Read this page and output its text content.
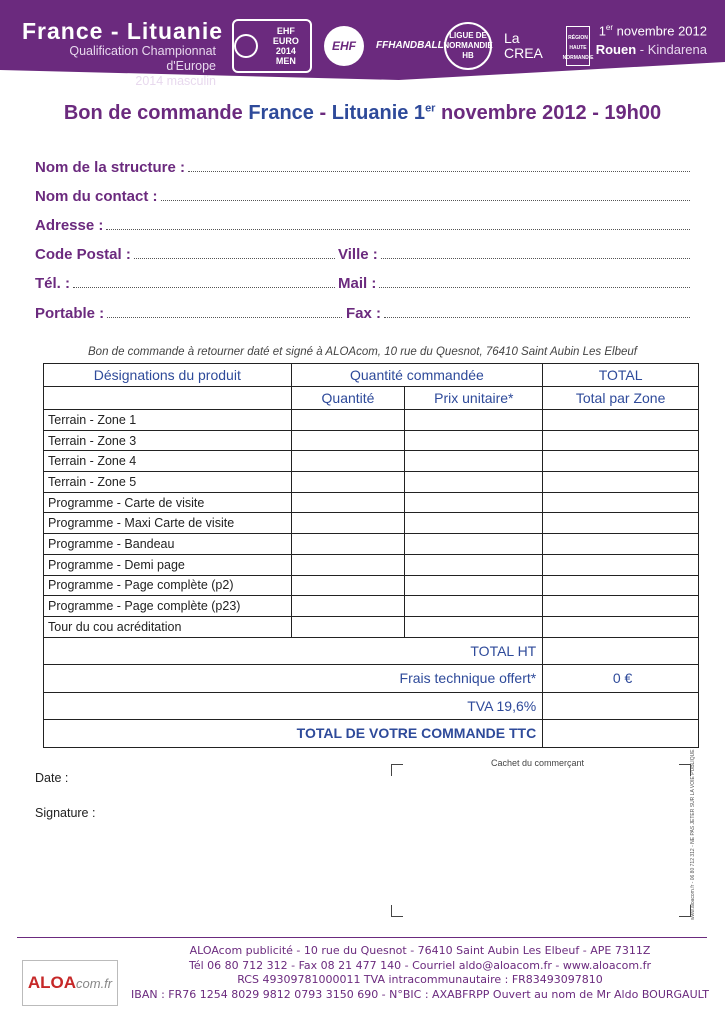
France - Lituanie
Qualification Championnat d'Europe
2014 masculin
EHF
EURO 2014
MEN
EHF	FFHANDBALL
LIGUE DE NORMANDIE HB
La
CREA
RÉGION HAUTE NORMANDIE
1er novembre 2012
Rouen - Kindarena
Bon de commande France - Lituanie 1er novembre 2012 - 19h00
Nom de la structure :
Nom du contact :
Adresse :
Code Postal :	Ville :
Tél. :	Mail :
Portable :	Fax :
Bon de commande à retourner daté et signé à ALOAcom, 10 rue du Quesnot, 76410 Saint Aubin Les Elbeuf
Désignations du produit	Quantité commandée		TOTAL
	Quantité	Prix unitaire*	Total par Zone
Terrain - Zone 1			
Terrain - Zone 3			
Terrain - Zone 4			
Terrain - Zone 5			
Programme - Carte de visite			
Programme - Maxi Carte de visite			
Programme - Bandeau			
Programme - Demi page			
Programme - Page complète (p2)			
Programme - Page complète (p23)			
Tour du cou acréditation			
TOTAL HT			
Frais technique offert*			0 €
TVA 19,6%			
TOTAL DE VOTRE COMMANDE TTC			
Date :
Signature :
Cachet du commerçant	www.aloacom.fr - 06 80 712 312 - NE PAS JETER SUR LA VOIE PUBLIQUE
ALOA com.fr
ALOAcom publicité - 10 rue du Quesnot - 76410 Saint Aubin Les Elbeuf - APE 7311Z
Tél 06 80 712 312 - Fax 08 21 477 140 - Courriel aldo@aloacom.fr - www.aloacom.fr
RCS 49309781000011 TVA intracommunautaire : FR83493097810
IBAN : FR76 1254 8029 9812 0793 3150 690 - N°BIC : AXABFRPP Ouvert au nom de Mr Aldo BOURGAULT
